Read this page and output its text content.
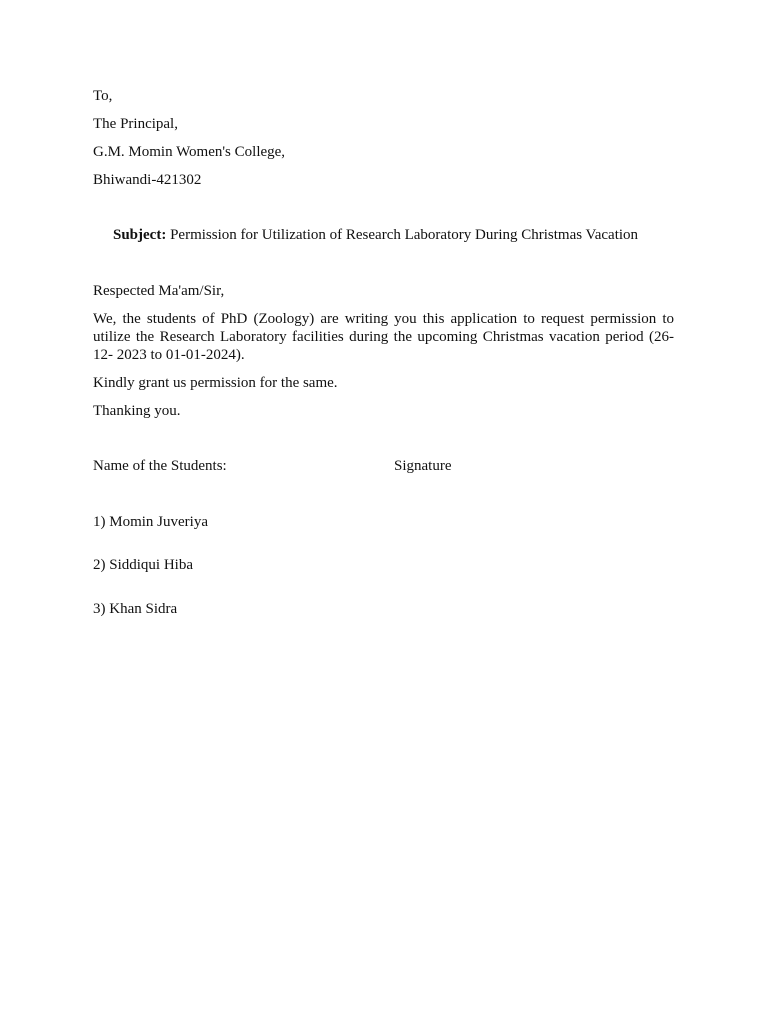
To,
The Principal,
G.M. Momin Women's College,
Bhiwandi-421302
Subject: Permission for Utilization of Research Laboratory During Christmas Vacation
Respected Ma'am/Sir,
We, the students of PhD (Zoology) are writing you this application to request permission to utilize the Research Laboratory facilities during the upcoming Christmas vacation period (26-12- 2023 to 01-01-2024).
Kindly grant us permission for the same.
Thanking you.
Name of the Students:	Signature
1) Momin Juveriya
2) Siddiqui Hiba
3) Khan Sidra
